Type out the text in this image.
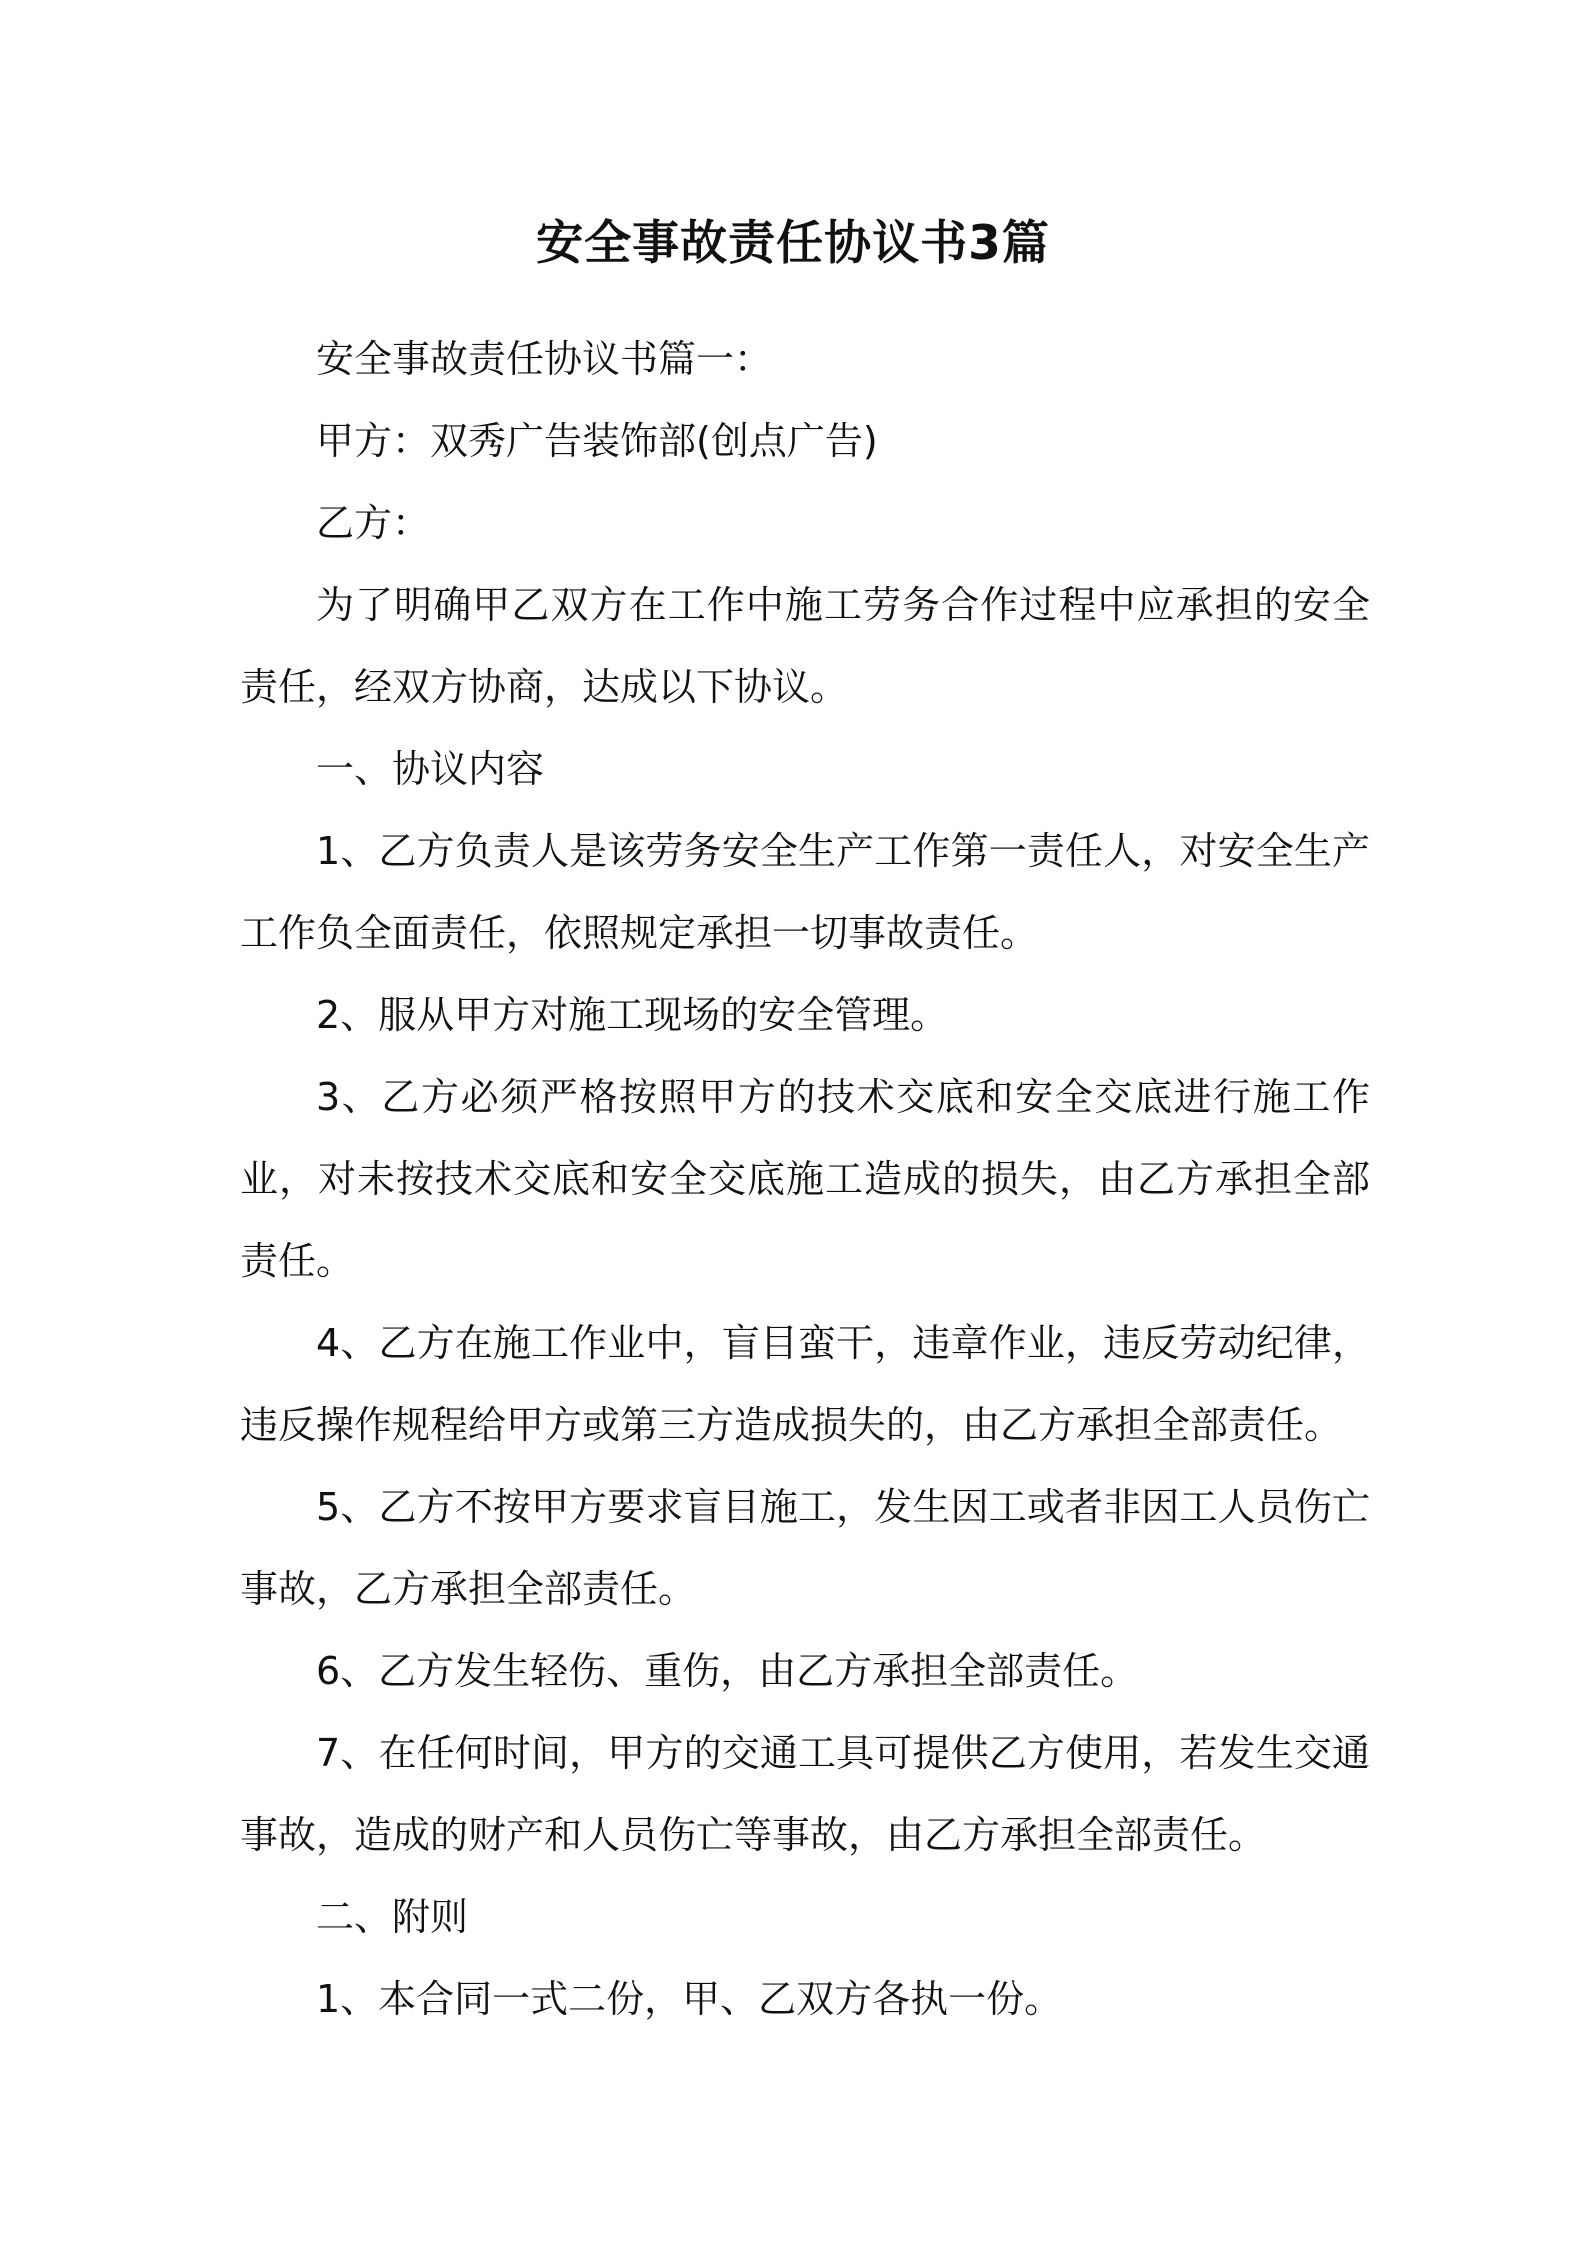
安全事故责任协议书3篇

安全事故责任协议书篇一：

甲方：双秀广告装饰部(创点广告)

乙方：

为了明确甲乙双方在工作中施工劳务合作过程中应承担的安全责任，经双方协商，达成以下协议。

一、协议内容

1、乙方负责人是该劳务安全生产工作第一责任人，对安全生产工作负全面责任，依照规定承担一切事故责任。

2、服从甲方对施工现场的安全管理。

3、乙方必须严格按照甲方的技术交底和安全交底进行施工作业，对未按技术交底和安全交底施工造成的损失，由乙方承担全部责任。

4、乙方在施工作业中，盲目蛮干，违章作业，违反劳动纪律，违反操作规程给甲方或第三方造成损失的，由乙方承担全部责任。

5、乙方不按甲方要求盲目施工，发生因工或者非因工人员伤亡事故，乙方承担全部责任。

6、乙方发生轻伤、重伤，由乙方承担全部责任。

7、在任何时间，甲方的交通工具可提供乙方使用，若发生交通事故，造成的财产和人员伤亡等事故，由乙方承担全部责任。

二、附则

1、本合同一式二份，甲、乙双方各执一份。
